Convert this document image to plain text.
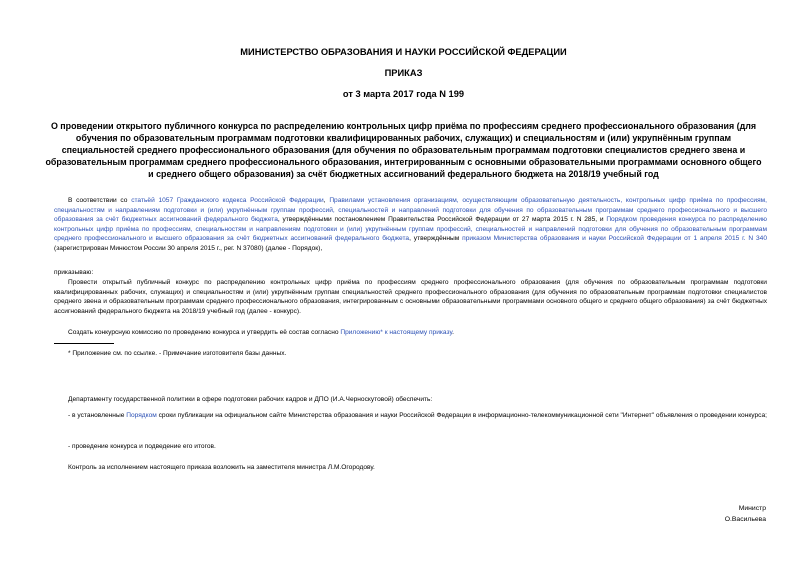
МИНИСТЕРСТВО ОБРАЗОВАНИЯ И НАУКИ РОССИЙСКОЙ ФЕДЕРАЦИИ
ПРИКАЗ
от 3 марта 2017 года N 199
О проведении открытого публичного конкурса по распределению контрольных цифр приёма по профессиям среднего профессионального образования (для обучения по образовательным программам подготовки квалифицированных рабочих, служащих) и специальностям и (или) укрупнённым группам специальностей среднего профессионального образования (для обучения по образовательным программам подготовки специалистов среднего звена и образовательным программам среднего профессионального образования, интегрированным с основными образовательными программами основного общего и среднего общего образования) за счёт бюджетных ассигнований федерального бюджета на 2018/19 учебный год
В соответствии со статьёй 1057 Гражданского кодекса Российской Федерации, Правилами установления организациям, осуществляющим образовательную деятельность, контрольных цифр приёма по профессиям, специальностям и направлениям подготовки и (или) укрупнённым группам профессий, специальностей и направлений подготовки для обучения по образовательным программам среднего профессионального и высшего образования за счёт бюджетных ассигнований федерального бюджета, утверждёнными постановлением Правительства Российской Федерации от 27 марта 2015 г. N 285, и Порядком проведения конкурса по распределению контрольных цифр приёма по профессиям, специальностям и направлениям подготовки и (или) укрупнённым группам профессий, специальностей и направлений подготовки для обучения по образовательным программам среднего профессионального и высшего образования за счёт бюджетных ассигнований федерального бюджета, утверждённым приказом Министерства образования и науки Российской Федерации от 1 апреля 2015 г. N 340 (зарегистрирован Минюстом России 30 апреля 2015 г., рег. N 37080) (далее - Порядок),
приказываю:
Провести открытый публичный конкурс по распределению контрольных цифр приёма по профессиям среднего профессионального образования (для обучения по образовательным программам подготовки квалифицированных рабочих, служащих) и специальностям и (или) укрупнённым группам специальностей среднего профессионального образования (для обучения по образовательным программам подготовки специалистов среднего звена и образовательным программам среднего профессионального образования, интегрированным с основными образовательными программами основного общего и среднего общего образования) за счёт бюджетных ассигнований федерального бюджета на 2018/19 учебный год (далее - конкурс).
Создать конкурсную комиссию по проведению конкурса и утвердить её состав согласно Приложению* к настоящему приказу.
* Приложение см. по ссылке. - Примечание изготовителя базы данных.
Департаменту государственной политики в сфере подготовки рабочих кадров и ДПО (И.А.Черноскутовой) обеспечить:
- в установленные Порядком сроки публикации на официальном сайте Министерства образования и науки Российской Федерации в информационно-телекоммуникационной сети "Интернет" объявления о проведении конкурса;
- проведение конкурса и подведение его итогов.
Контроль за исполнением настоящего приказа возложить на заместителя министра Л.М.Огородову.
Министр
О.Васильева
